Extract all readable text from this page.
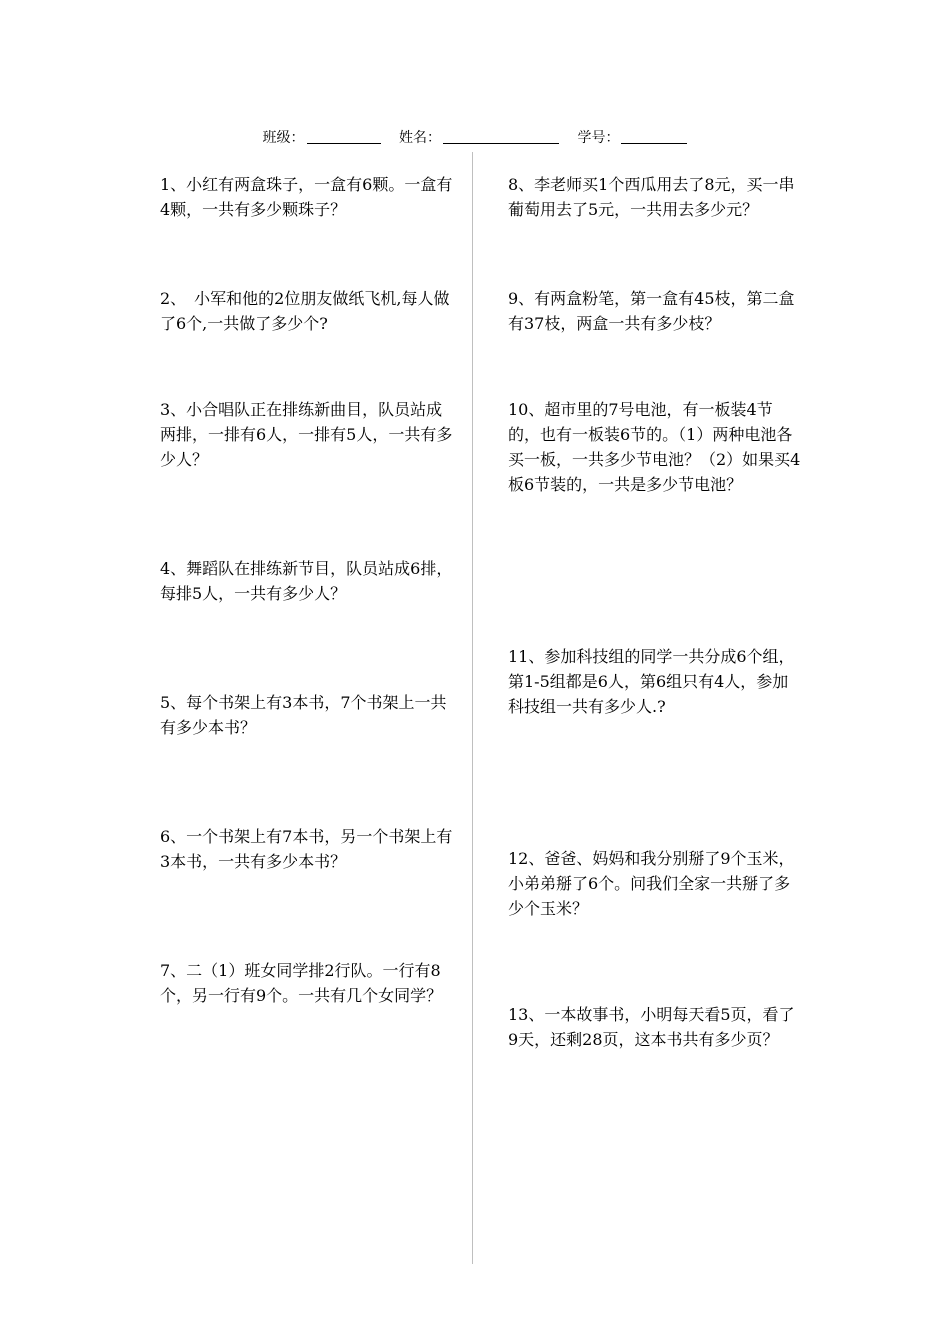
班级：	姓名：	学号：
1、小红有两盒珠子，一盒有6颗。一盒有4颗，一共有多少颗珠子？
2、　小军和他的2位朋友做纸飞机,每人做了6个,一共做了多少个?
3、小合唱队正在排练新曲目，队员站成两排，一排有6人，一排有5人，一共有多少人？
4、舞蹈队在排练新节目，队员站成6排，每排5人，一共有多少人？
5、每个书架上有3本书，7个书架上一共有多少本书？
6、一个书架上有7本书，另一个书架上有3本书，一共有多少本书？
7、二（1）班女同学排2行队。一行有8个，另一行有9个。一共有几个女同学？
8、李老师买1个西瓜用去了8元，买一串葡萄用去了5元，一共用去多少元？
9、有两盒粉笔，第一盒有45枝，第二盒有37枝，两盒一共有多少枝？
10、超市里的7号电池，有一板装4节的，也有一板装6节的。（1）两种电池各买一板，一共多少节电池？（2）如果买4板6节装的，一共是多少节电池？
11、参加科技组的同学一共分成6个组，第1-5组都是6人，第6组只有4人，参加科技组一共有多少人.?
12、爸爸、妈妈和我分别掰了9个玉米，小弟弟掰了6个。问我们全家一共掰了多少个玉米？
13、一本故事书，小明每天看5页，看了9天，还剩28页，这本书共有多少页？
